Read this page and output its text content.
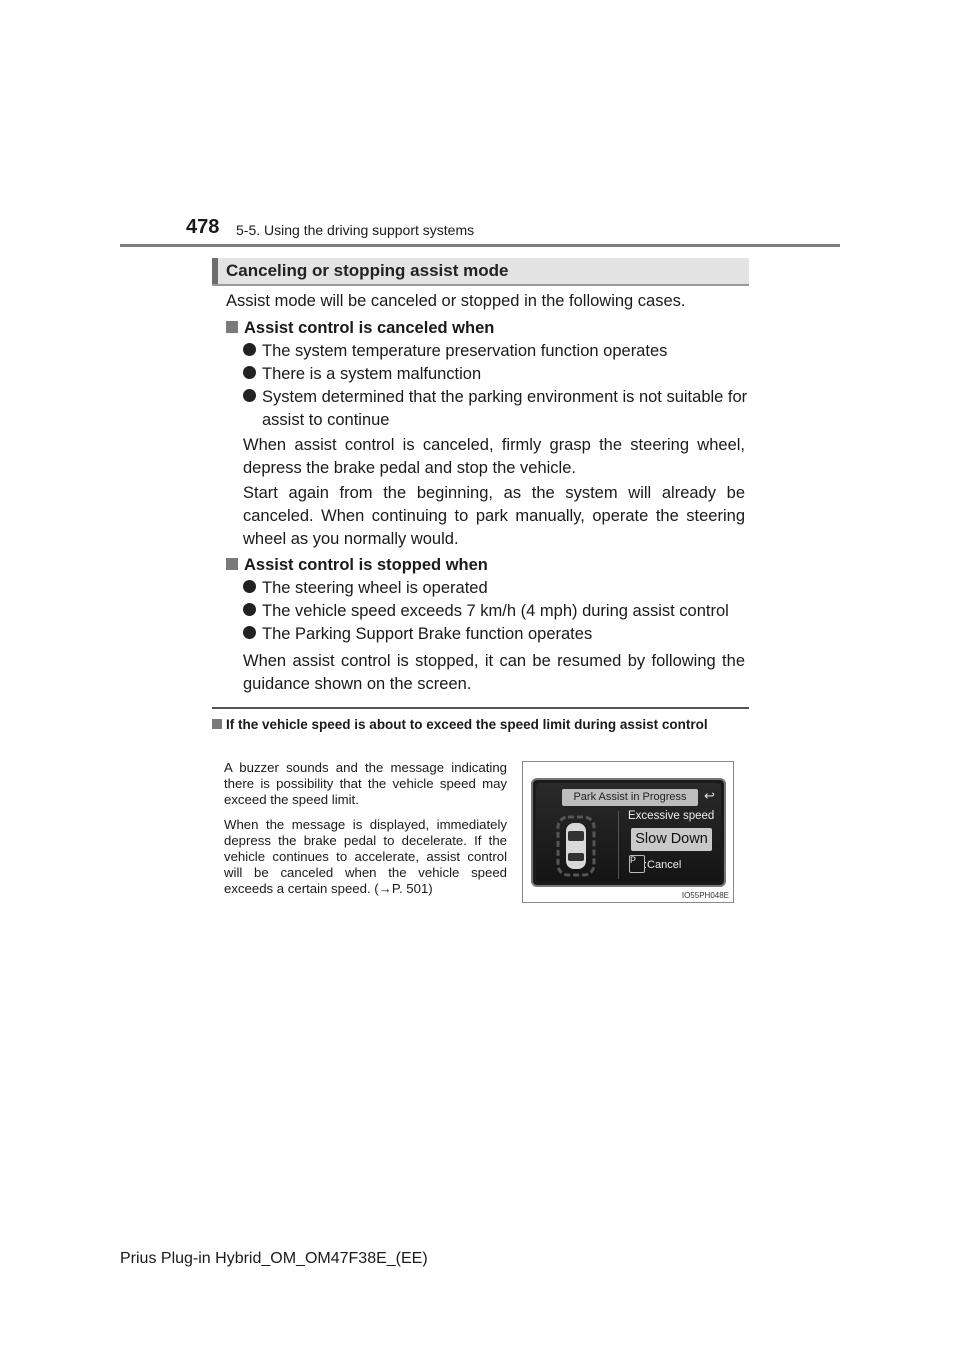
478 5-5. Using the driving support systems
Canceling or stopping assist mode
Assist mode will be canceled or stopped in the following cases.
Assist control is canceled when
The system temperature preservation function operates
There is a system malfunction
System determined that the parking environment is not suitable for assist to continue
When assist control is canceled, firmly grasp the steering wheel, depress the brake pedal and stop the vehicle.
Start again from the beginning, as the system will already be canceled. When continuing to park manually, operate the steering wheel as you normally would.
Assist control is stopped when
The steering wheel is operated
The vehicle speed exceeds 7 km/h (4 mph) during assist control
The Parking Support Brake function operates
When assist control is stopped, it can be resumed by following the guidance shown on the screen.
If the vehicle speed is about to exceed the speed limit during assist control
A buzzer sounds and the message indicating there is possibility that the vehicle speed may exceed the speed limit.
When the message is displayed, immediately depress the brake pedal to decelerate. If the vehicle continues to accelerate, assist control will be canceled when the vehicle speed exceeds a certain speed. (→P. 501)
Park Assist in Progress	↩
Excessive speed
Slow Down
P :Cancel
IO55PH048E
Prius Plug-in Hybrid_OM_OM47F38E_(EE)
